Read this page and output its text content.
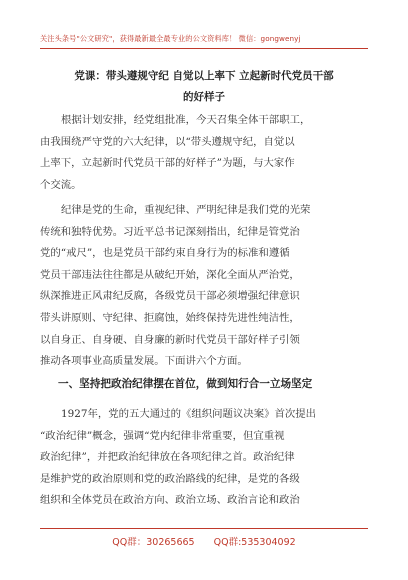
关注头条号"公文研究"，获得最新最全最专业的公文资料库！ 微信：gongwenyj
党课：带头遵规守纪 自觉以上率下 立起新时代党员干部
的好样子
根据计划安排，经党组批准，今天召集全体干部职工，
由我围绕严守党的六大纪律，以“带头遵规守纪，自觉以
上率下，立起新时代党员干部的好样子”为题，与大家作
个交流。
纪律是党的生命，重视纪律、严明纪律是我们党的光荣
传统和独特优势。习近平总书记深刻指出，纪律是管党治
党的“戒尺”，也是党员干部约束自身行为的标准和遵循
党员干部违法往往都是从破纪开始，深化全面从严治党，
纵深推进正风肃纪反腐，各级党员干部必须增强纪律意识
带头讲原则、守纪律、拒腐蚀，始终保持先进性纯洁性，
以自身正、自身硬、自身廉的新时代党员干部好样子引领
推动各项事业高质量发展。下面讲六个方面。
一、坚持把政治纪律摆在首位，做到知行合一立场坚定
1927年，党的五大通过的《组织问题议决案》首次提出
“政治纪律”概念，强调“党内纪律非常重要，但宜重视
政治纪律”，并把政治纪律放在各项纪律之首。政治纪律
是维护党的政治原则和党的政治路线的纪律，是党的各级
组织和全体党员在政治方向、政治立场、政治言论和政治
QQ群：30265665 QQ群:535304092
